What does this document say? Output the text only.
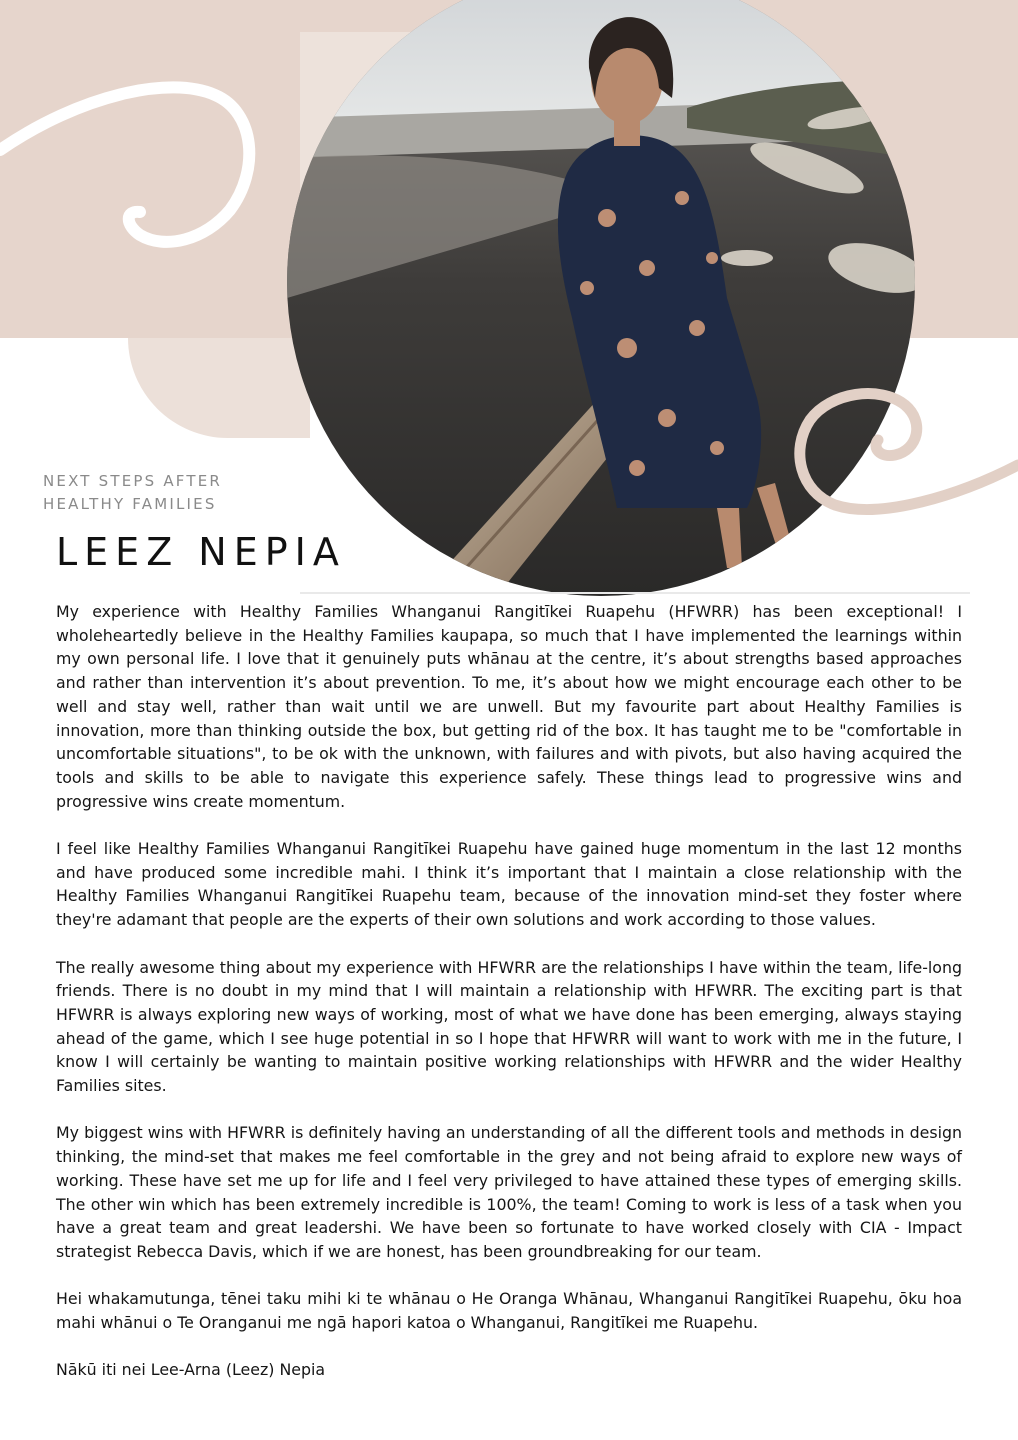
NEXT STEPS AFTER
HEALTHY FAMILIES
LEEZ NEPIA

My experience with Healthy Families Whanganui Rangitīkei Ruapehu (HFWRR) has been exceptional! I wholeheartedly believe in the Healthy Families kaupapa, so much that I have implemented the learnings within my own personal life. I love that it genuinely puts whānau at the centre, it’s about strengths based approaches and rather than intervention it’s about prevention. To me, it’s about how we might encourage each other to be well and stay well, rather than wait until we are unwell. But my favourite part about Healthy Families is innovation, more than thinking outside the box, but getting rid of the box. It has taught me to be "comfortable in uncomfortable situations", to be ok with the unknown, with failures and with pivots, but also having acquired the tools and skills to be able to navigate this experience safely. These things lead to progressive wins and progressive wins create momentum.

I feel like Healthy Families Whanganui Rangitīkei Ruapehu have gained huge momentum in the last 12 months and have produced some incredible mahi. I think it’s important that I maintain a close relationship with the Healthy Families Whanganui Rangitīkei Ruapehu team, because of the innovation mind-set they foster where they're adamant that people are the experts of their own solutions and work according to those values.

The really awesome thing about my experience with HFWRR are the relationships I have within the team, life-long friends. There is no doubt in my mind that I will maintain a relationship with HFWRR. The exciting part is that HFWRR is always exploring new ways of working, most of what we have done has been emerging, always staying ahead of the game, which I see huge potential in so I hope that HFWRR will want to work with me in the future, I know I will certainly be wanting to maintain positive working relationships with HFWRR and the wider Healthy Families sites.

My biggest wins with HFWRR is definitely having an understanding of all the different tools and methods in design thinking, the mind-set that makes me feel comfortable in the grey and not being afraid to explore new ways of working. These have set me up for life and I feel very privileged to have attained these types of emerging skills. The other win which has been extremely incredible is 100%, the team! Coming to work is less of a task when you have a great team and great leadershi. We have been so fortunate to have worked closely with CIA - Impact strategist Rebecca Davis, which if we are honest, has been groundbreaking for our team.

Hei whakamutunga, tēnei taku mihi ki te whānau o He Oranga Whānau, Whanganui Rangitīkei Ruapehu, ōku hoa mahi whānui o Te Oranganui me ngā hapori katoa o Whanganui, Rangitīkei me Ruapehu.

Nākū iti nei Lee-Arna (Leez) Nepia
